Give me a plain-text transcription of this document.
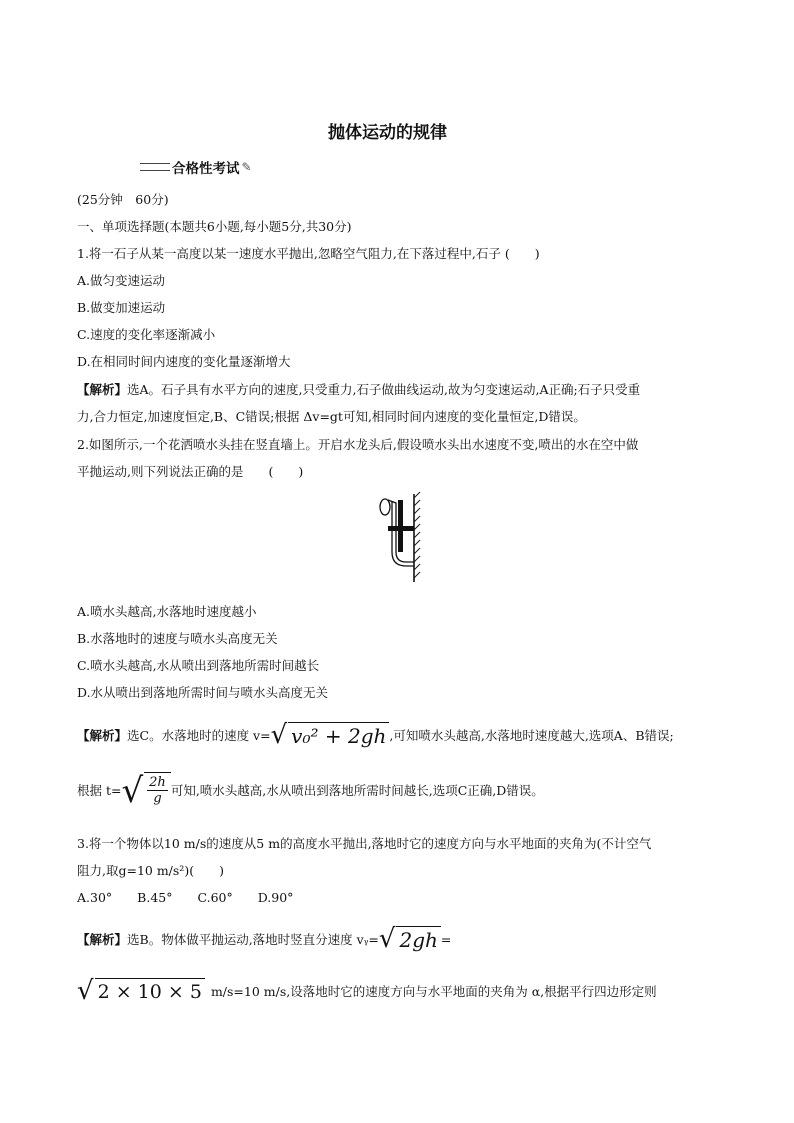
抛体运动的规律
合格性考试 ✎
(25分钟　60分)
一、单项选择题(本题共6小题,每小题5分,共30分)
1.将一石子从某一高度以某一速度水平抛出,忽略空气阻力,在下落过程中,石子 (　　)
A.做匀变速运动
B.做变加速运动
C.速度的变化率逐渐减小
D.在相同时间内速度的变化量逐渐增大
【解析】选A。石子具有水平方向的速度,只受重力,石子做曲线运动,故为匀变速运动,A正确;石子只受重
力,合力恒定,加速度恒定,B、C错误;根据 Δv=gt可知,相同时间内速度的变化量恒定,D错误。
2.如图所示,一个花洒喷水头挂在竖直墙上。开启水龙头后,假设喷水头出水速度不变,喷出的水在空中做
平抛运动,则下列说法正确的是　　(　　)
A.喷水头越高,水落地时速度越小
B.水落地时的速度与喷水头高度无关
C.喷水头越高,水从喷出到落地所需时间越长
D.水从喷出到落地所需时间与喷水头高度无关
【解析】 选C。水落地时的速度 v= √ v₀² + 2gh ,可知喷水头越高,水落地时速度越大,选项A、B错误;
根据 t= √ $\frac{2h}{g}$ 可知,喷水头越高,水从喷出到落地所需时间越长,选项C正确,D错误。
3.将一个物体以10 m/s的速度从5 m的高度水平抛出,落地时它的速度方向与水平地面的夹角为(不计空气
阻力,取g=10 m/s²)(　　)
A.30°　　B.45°　　C.60°　　D.90°
【解析】 选B。物体做平抛运动,落地时竖直分速度 vᵧ= √ 2gh =
√ 2 × 10 × 5 m/s=10 m/s,设落地时它的速度方向与水平地面的夹角为 α,根据平行四边形定则
